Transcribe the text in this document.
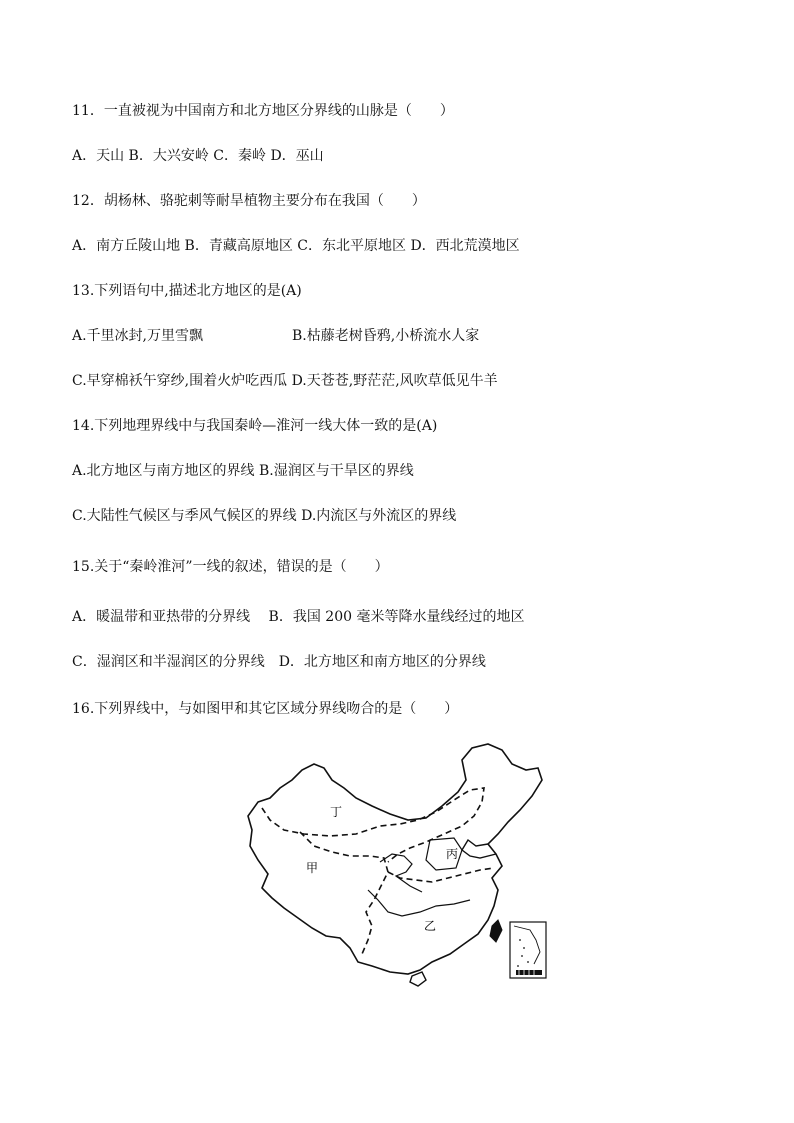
11．一直被视为中国南方和北方地区分界线的山脉是（　　）
A．天山 B．大兴安岭 C．秦岭 D．巫山
12．胡杨林、骆驼刺等耐旱植物主要分布在我国（　　）
A．南方丘陵山地 B．青藏高原地区 C．东北平原地区 D．西北荒漠地区
13.下列语句中,描述北方地区的是(A)
A.千里冰封,万里雪飘                    B.枯藤老树昏鸦,小桥流水人家
C.早穿棉袄午穿纱,围着火炉吃西瓜 D.天苍苍,野茫茫,风吹草低见牛羊
14.下列地理界线中与我国秦岭—淮河一线大体一致的是(A)
A.北方地区与南方地区的界线 B.湿润区与干旱区的界线
C.大陆性气候区与季风气候区的界线 D.内流区与外流区的界线
15.关于“秦岭淮河”一线的叙述，错误的是（　　）
A．暖温带和亚热带的分界线　 B．我国 200 毫米等降水量线经过的地区
C．湿润区和半湿润区的分界线　D．北方地区和南方地区的分界线
16.下列界线中，与如图甲和其它区域分界线吻合的是（　　）
丁
甲
丙
乙
